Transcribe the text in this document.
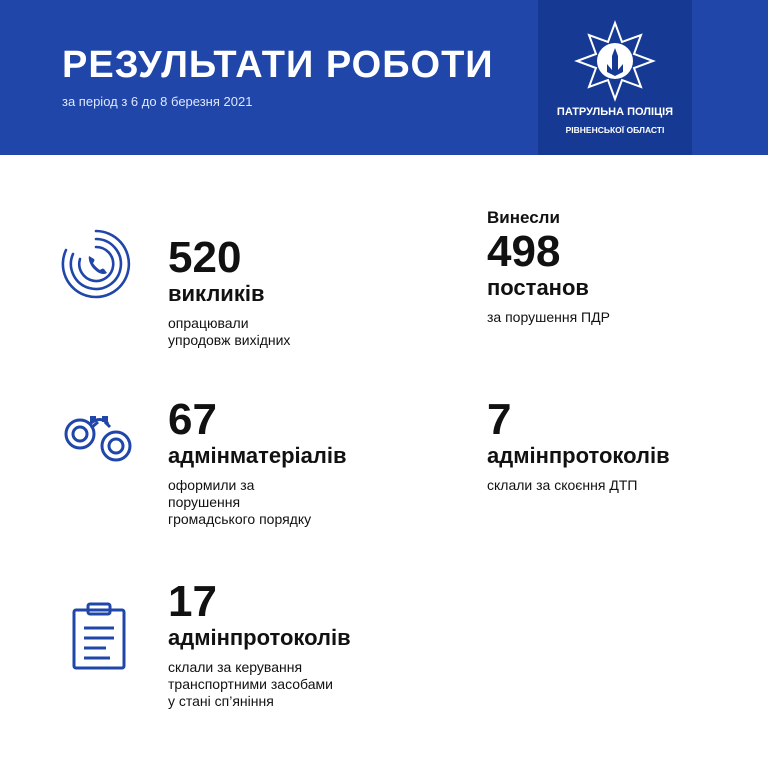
РЕЗУЛЬТАТИ РОБОТИ
за період з 6 до 8 березня 2021
ПАТРУЛЬНА ПОЛІЦІЯ
РІВНЕНСЬКОЇ ОБЛАСТІ
520
викликів
опрацювали
упродовж вихідних
Винесли
498
постанов
за порушення ПДР
67
адмінматеріалів
оформили за
порушення
громадського порядку
7
адмінпротоколів
склали за скоєння ДТП
17
адмінпротоколів
склали за керування
транспортними засобами
у стані сп’яніння
